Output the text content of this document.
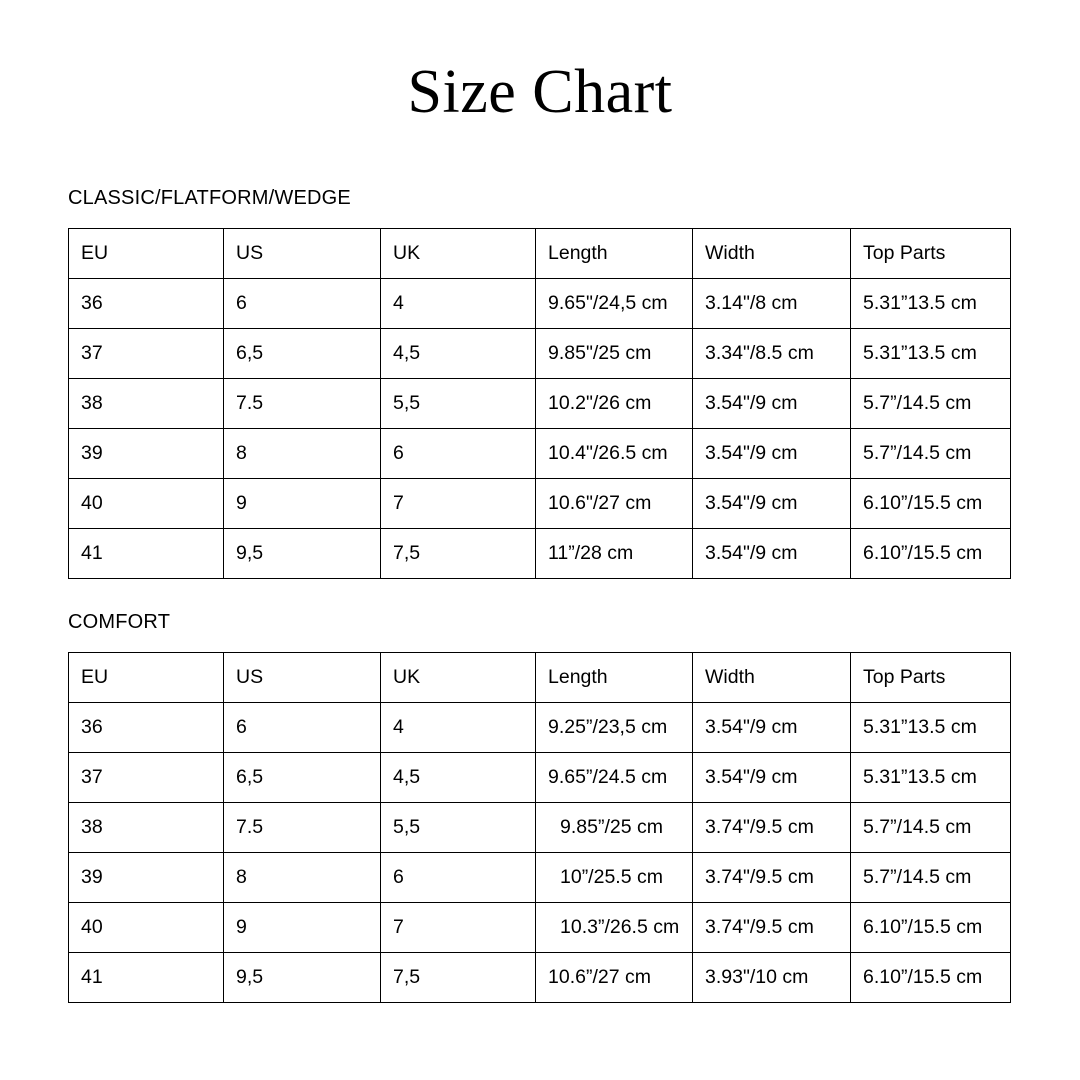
Size Chart

CLASSIC/FLATFORM/WEDGE

EU	US	UK	Length	Width	Top Parts
36	6	4	9.65"/24,5 cm	3.14"/8 cm	5.31”13.5 cm
37	6,5	4,5	9.85"/25 cm	3.34"/8.5 cm	5.31”13.5 cm
38	7.5	5,5	10.2"/26 cm	3.54"/9 cm	5.7”/14.5 cm
39	8	6	10.4"/26.5 cm	3.54"/9 cm	5.7”/14.5 cm
40	9	7	10.6"/27 cm	3.54"/9 cm	6.10”/15.5 cm
41	9,5	7,5	11”/28 cm	3.54"/9 cm	6.10”/15.5 cm

COMFORT

EU	US	UK	Length	Width	Top Parts
36	6	4	9.25”/23,5 cm	3.54"/9 cm	5.31”13.5 cm
37	6,5	4,5	9.65”/24.5 cm	3.54"/9 cm	5.31”13.5 cm
38	7.5	5,5	9.85”/25 cm	3.74"/9.5 cm	5.7”/14.5 cm
39	8	6	10”/25.5 cm	3.74"/9.5 cm	5.7”/14.5 cm
40	9	7	10.3”/26.5 cm	3.74"/9.5 cm	6.10”/15.5 cm
41	9,5	7,5	10.6”/27 cm	3.93"/10 cm	6.10”/15.5 cm
